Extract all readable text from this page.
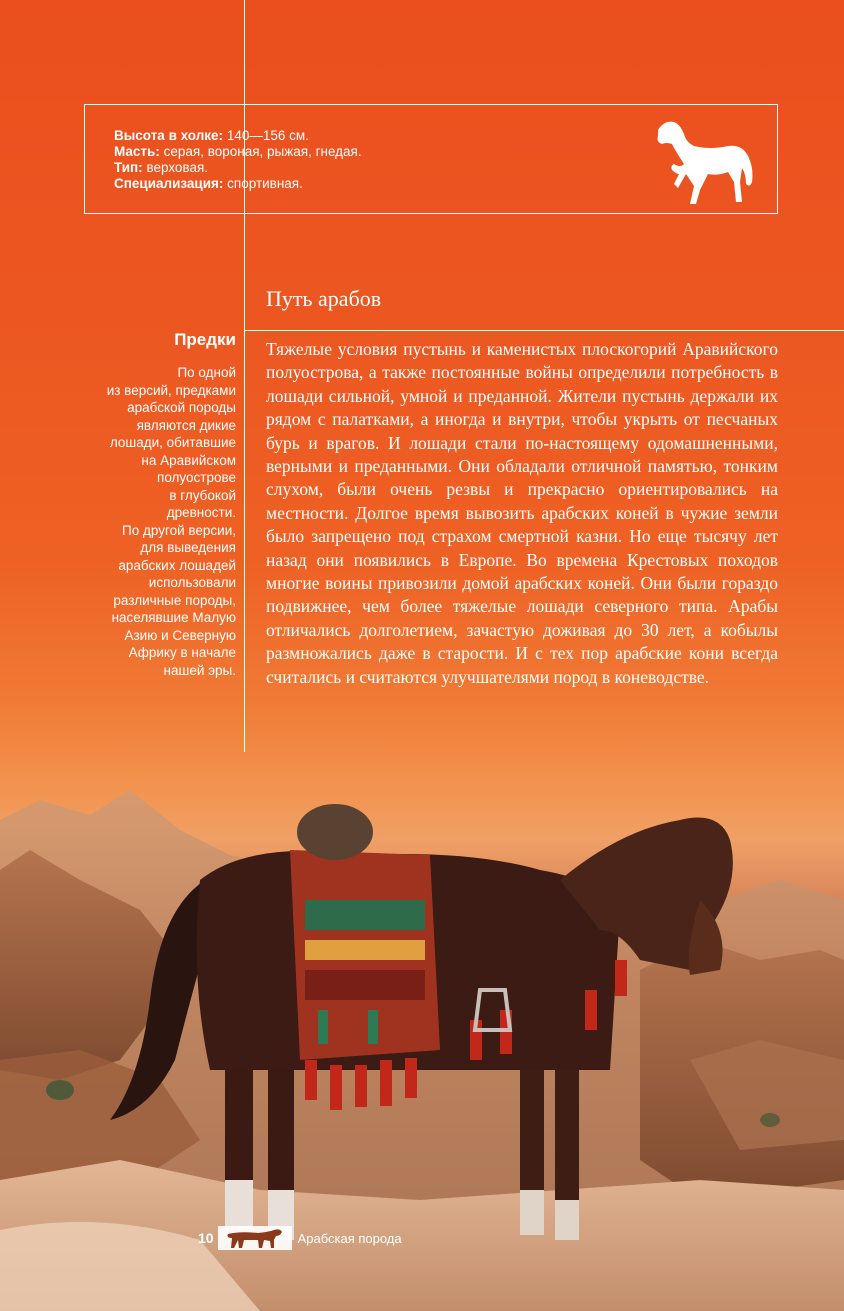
Высота в холке: 140—156 см.
Масть: серая, вороная, рыжая, гнедая.
Тип: верховая.
Специализация: спортивная.
Путь арабов

Тяжелые условия пустынь и каменистых плоскогорий Аравийского полуострова, а также постоянные войны определили потребность в лошади сильной, умной и преданной. Жители пустынь держали их рядом с палатками, а иногда и внутри, чтобы укрыть от песчаных бурь и врагов. И лошади стали по-настоящему одомашненными, верными и преданными. Они обладали отличной памятью, тонким слухом, были очень резвы и прекрасно ориентировались на местности. Долгое время вывозить арабских коней в чужие земли было запрещено под страхом смертной казни. Но еще тысячу лет назад они появились в Европе. Во времена Крестовых походов многие воины привозили домой арабских коней. Они были гораздо подвижнее, чем более тяжелые лошади северного типа. Арабы отличались долголетием, зачастую доживая до 30 лет, а кобылы размножались даже в старости. И с тех пор арабские кони всегда считались и считаются улучшателями пород в коневодстве.

Предки

По одной
из версий, предками
арабской породы
являются дикие
лошади, обитавшие
на Аравийском
полуострове
в глубокой
древности.
По другой версии,
для выведения
арабских лошадей
использовали
различные породы,
населявшие Малую
Азию и Северную
Африку в начале
нашей эры.

10	Арабская порода
